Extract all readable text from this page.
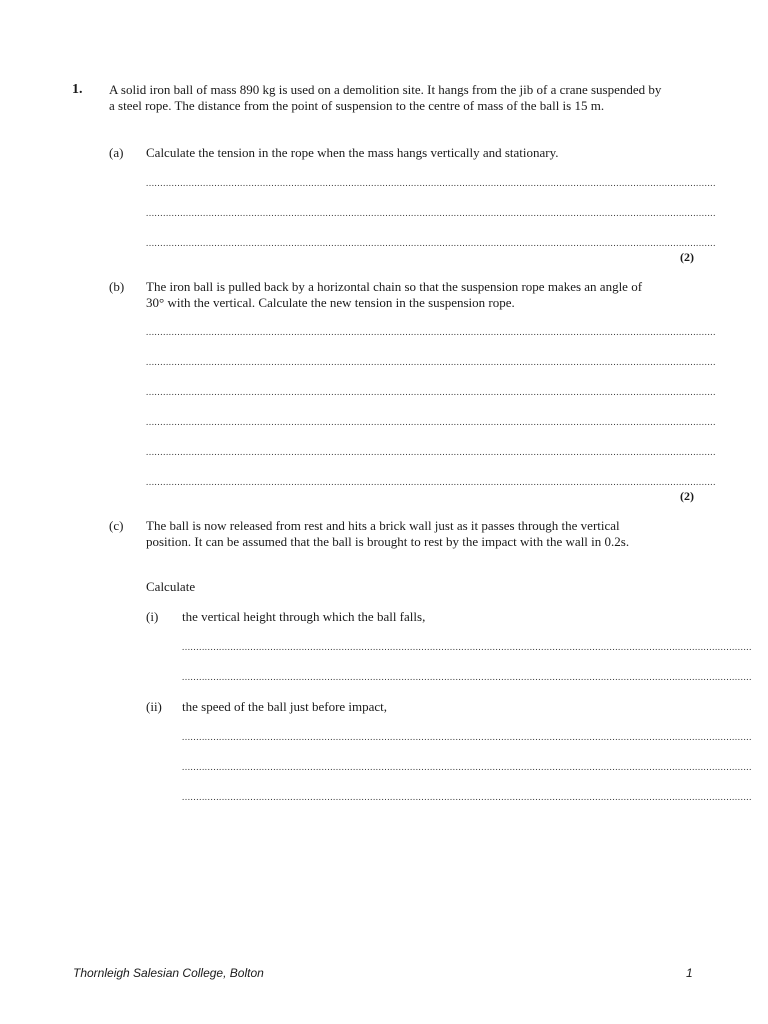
1. A solid iron ball of mass 890 kg is used on a demolition site. It hangs from the jib of a crane suspended by a steel rope. The distance from the point of suspension to the centre of mass of the ball is 15 m.
(a) Calculate the tension in the rope when the mass hangs vertically and stationary.
........................................................................................................................................................................................................
........................................................................................................................................................................................................
........................................................................................................................................................................................................
(2)
(b) The iron ball is pulled back by a horizontal chain so that the suspension rope makes an angle of 30° with the vertical. Calculate the new tension in the suspension rope.
........................................................................................................................................................................................................
........................................................................................................................................................................................................
........................................................................................................................................................................................................
........................................................................................................................................................................................................
........................................................................................................................................................................................................
........................................................................................................................................................................................................
(2)
(c) The ball is now released from rest and hits a brick wall just as it passes through the vertical position. It can be assumed that the ball is brought to rest by the impact with the wall in 0.2s.
Calculate
(i) the vertical height through which the ball falls,
........................................................................................................................................................................................................
........................................................................................................................................................................................................
(ii) the speed of the ball just before impact,
........................................................................................................................................................................................................
........................................................................................................................................................................................................
........................................................................................................................................................................................................
Thornleigh Salesian College, Bolton	1
